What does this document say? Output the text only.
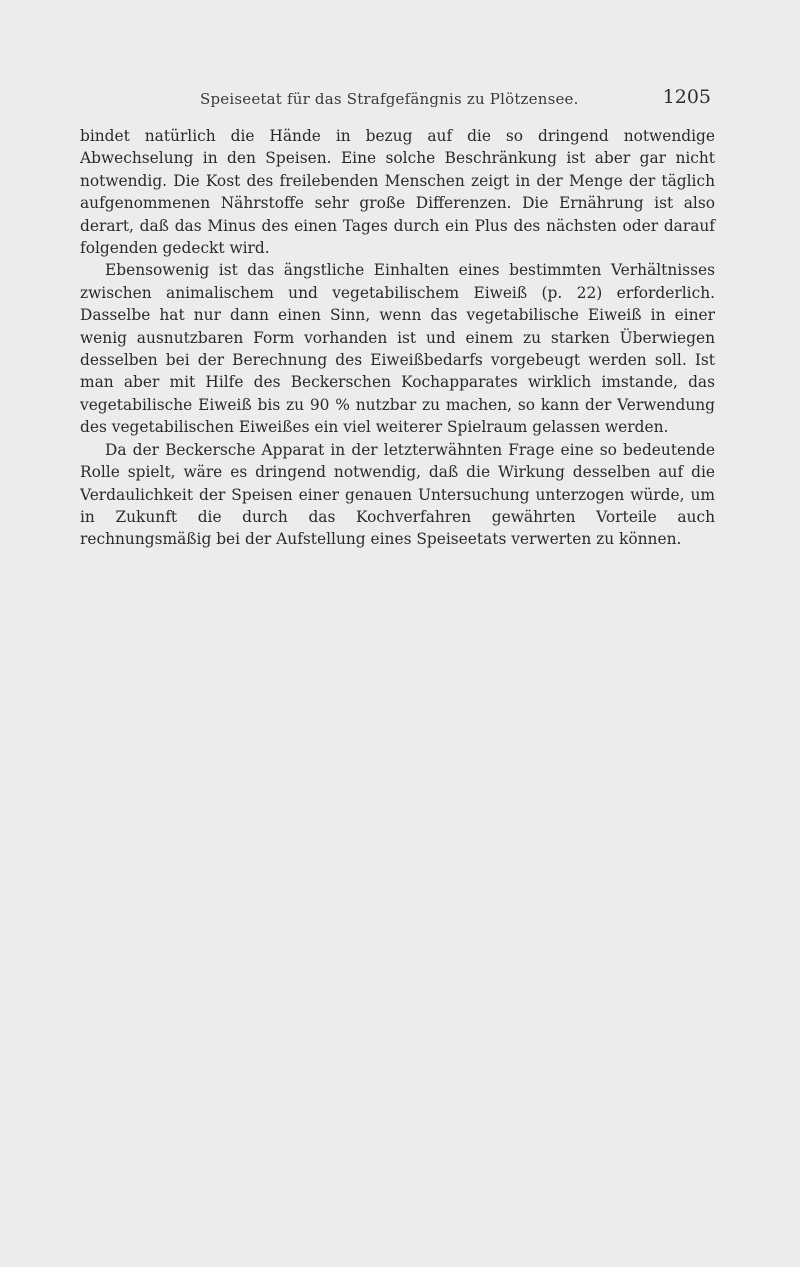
Speiseetat für das Strafgefängnis zu Plötzensee.	1205

bindet natürlich die Hände in bezug auf die so dringend notwendige Abwechselung in den Speisen. Eine solche Beschränkung ist aber gar nicht notwendig. Die Kost des freilebenden Menschen zeigt in der Menge der täglich aufgenommenen Nährstoffe sehr große Differenzen. Die Ernährung ist also derart, daß das Minus des einen Tages durch ein Plus des nächsten oder darauf folgenden gedeckt wird.

Ebensowenig ist das ängstliche Einhalten eines bestimmten Verhältnisses zwischen animalischem und vegetabilischem Eiweiß (p. 22) erforderlich. Dasselbe hat nur dann einen Sinn, wenn das vegetabilische Eiweiß in einer wenig ausnutzbaren Form vorhanden ist und einem zu starken Überwiegen desselben bei der Berechnung des Eiweißbedarfs vorgebeugt werden soll. Ist man aber mit Hilfe des Beckerschen Kochapparates wirklich imstande, das vegetabilische Eiweiß bis zu 90 % nutzbar zu machen, so kann der Verwendung des vegetabilischen Eiweißes ein viel weiterer Spielraum gelassen werden.

Da der Beckersche Apparat in der letzterwähnten Frage eine so bedeutende Rolle spielt, wäre es dringend notwendig, daß die Wirkung desselben auf die Verdaulichkeit der Speisen einer genauen Untersuchung unterzogen würde, um in Zukunft die durch das Kochverfahren gewährten Vorteile auch rechnungsmäßig bei der Aufstellung eines Speiseetats verwerten zu können.
